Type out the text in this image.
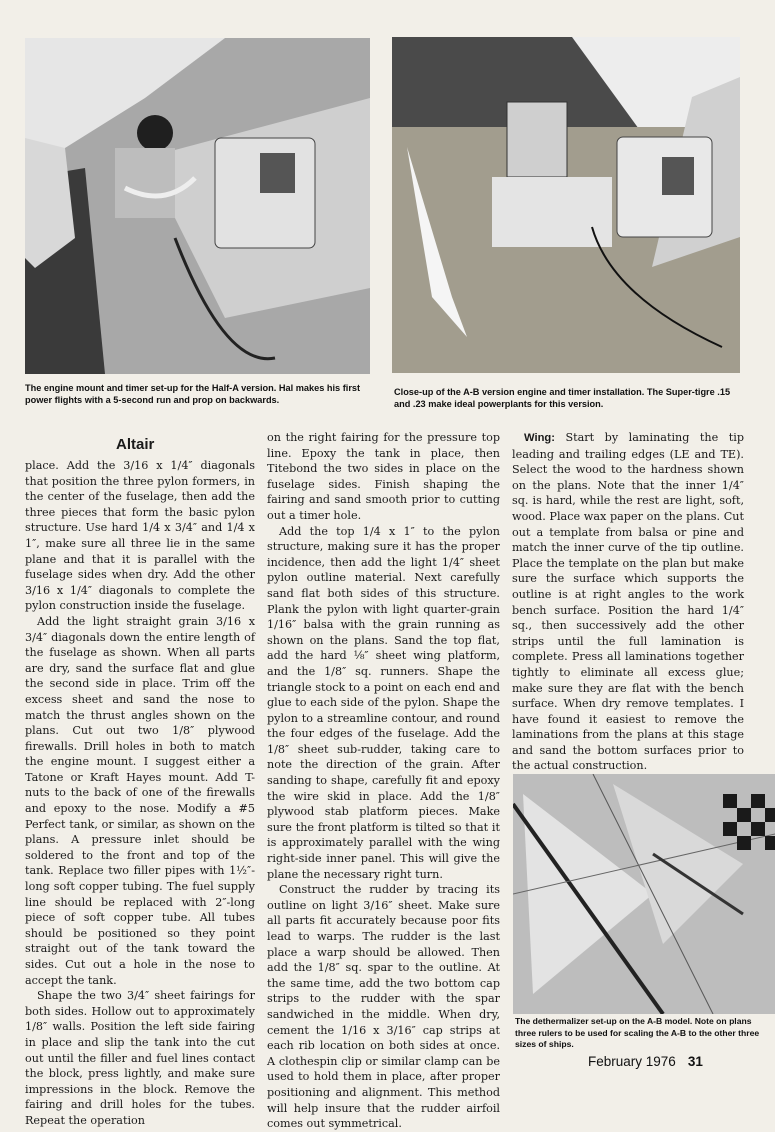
The engine mount and timer set-up for the Half-A version. Hal makes his first power flights with a 5-second run and prop on backwards.
Close-up of the A-B version engine and timer installation. The Super-tigre .15 and .23 make ideal powerplants for this version.
Altair

place. Add the 3/16 x 1/4″ diagonals that position the three pylon formers, in the center of the fuselage, then add the three pieces that form the basic pylon structure. Use hard 1/4 x 3/4″ and 1/4 x 1″, make sure all three lie in the same plane and that it is parallel with the fuselage sides when dry. Add the other 3/16 x 1/4″ diagonals to complete the pylon construction inside the fuselage.

Add the light straight grain 3/16 x 3/4″ diagonals down the entire length of the fuselage as shown. When all parts are dry, sand the surface flat and glue the second side in place. Trim off the excess sheet and sand the nose to match the thrust angles shown on the plans. Cut out two 1/8″ plywood firewalls. Drill holes in both to match the engine mount. I suggest either a Tatone or Kraft Hayes mount. Add T-nuts to the back of one of the firewalls and epoxy to the nose. Modify a #5 Perfect tank, or similar, as shown on the plans. A pressure inlet should be soldered to the front and top of the tank. Replace two filler pipes with 1½″-long soft copper tubing. The fuel supply line should be replaced with 2″-long piece of soft copper tube. All tubes should be positioned so they point straight out of the tank toward the sides. Cut out a hole in the nose to accept the tank.

Shape the two 3/4″ sheet fairings for both sides. Hollow out to approximately 1/8″ walls. Position the left side fairing in place and slip the tank into the cut out until the filler and fuel lines contact the block, press lightly, and make sure impressions in the block. Remove the fairing and drill holes for the tubes. Repeat the operation

on the right fairing for the pressure top line. Epoxy the tank in place, then Titebond the two sides in place on the fuselage sides. Finish shaping the fairing and sand smooth prior to cutting out a timer hole.

Add the top 1/4 x 1″ to the pylon structure, making sure it has the proper incidence, then add the light 1/4″ sheet pylon outline material. Next carefully sand flat both sides of this structure. Plank the pylon with light quarter-grain 1/16″ balsa with the grain running as shown on the plans. Sand the top flat, add the hard ⅛″ sheet wing platform, and the 1/8″ sq. runners. Shape the triangle stock to a point on each end and glue to each side of the pylon. Shape the pylon to a streamline contour, and round the four edges of the fuselage. Add the 1/8″ sheet sub-rudder, taking care to note the direction of the grain. After sanding to shape, carefully fit and epoxy the wire skid in place. Add the 1/8″ plywood stab platform pieces. Make sure the front platform is tilted so that it is approximately parallel with the wing right-side inner panel. This will give the plane the necessary right turn.

Construct the rudder by tracing its outline on light 3/16″ sheet. Make sure all parts fit accurately because poor fits lead to warps. The rudder is the last place a warp should be allowed. Then add the 1/8″ sq. spar to the outline. At the same time, add the two bottom cap strips to the rudder with the spar sandwiched in the middle. When dry, cement the 1/16 x 3/16″ cap strips at each rib location on both sides at once. A clothespin clip or similar clamp can be used to hold them in place, after proper positioning and alignment. This method will help insure that the rudder airfoil comes out symmetrical.

Wing: Start by laminating the tip leading and trailing edges (LE and TE). Select the wood to the hardness shown on the plans. Note that the inner 1/4″ sq. is hard, while the rest are light, soft, wood. Place wax paper on the plans. Cut out a template from balsa or pine and match the inner curve of the tip outline. Place the template on the plan but make sure the surface which supports the outline is at right angles to the work bench surface. Position the hard 1/4″ sq., then successively add the other strips until the full lamination is complete. Press all laminations together tightly to eliminate all excess glue; make sure they are flat with the bench surface. When dry remove templates. I have found it easiest to remove the laminations from the plans at this stage and sand the bottom surfaces prior to the actual construction.

The dethermalizer set-up on the A-B model. Note on plans three rulers to be used for scaling the A-B to the other three sizes of ships.
February 1976 31
